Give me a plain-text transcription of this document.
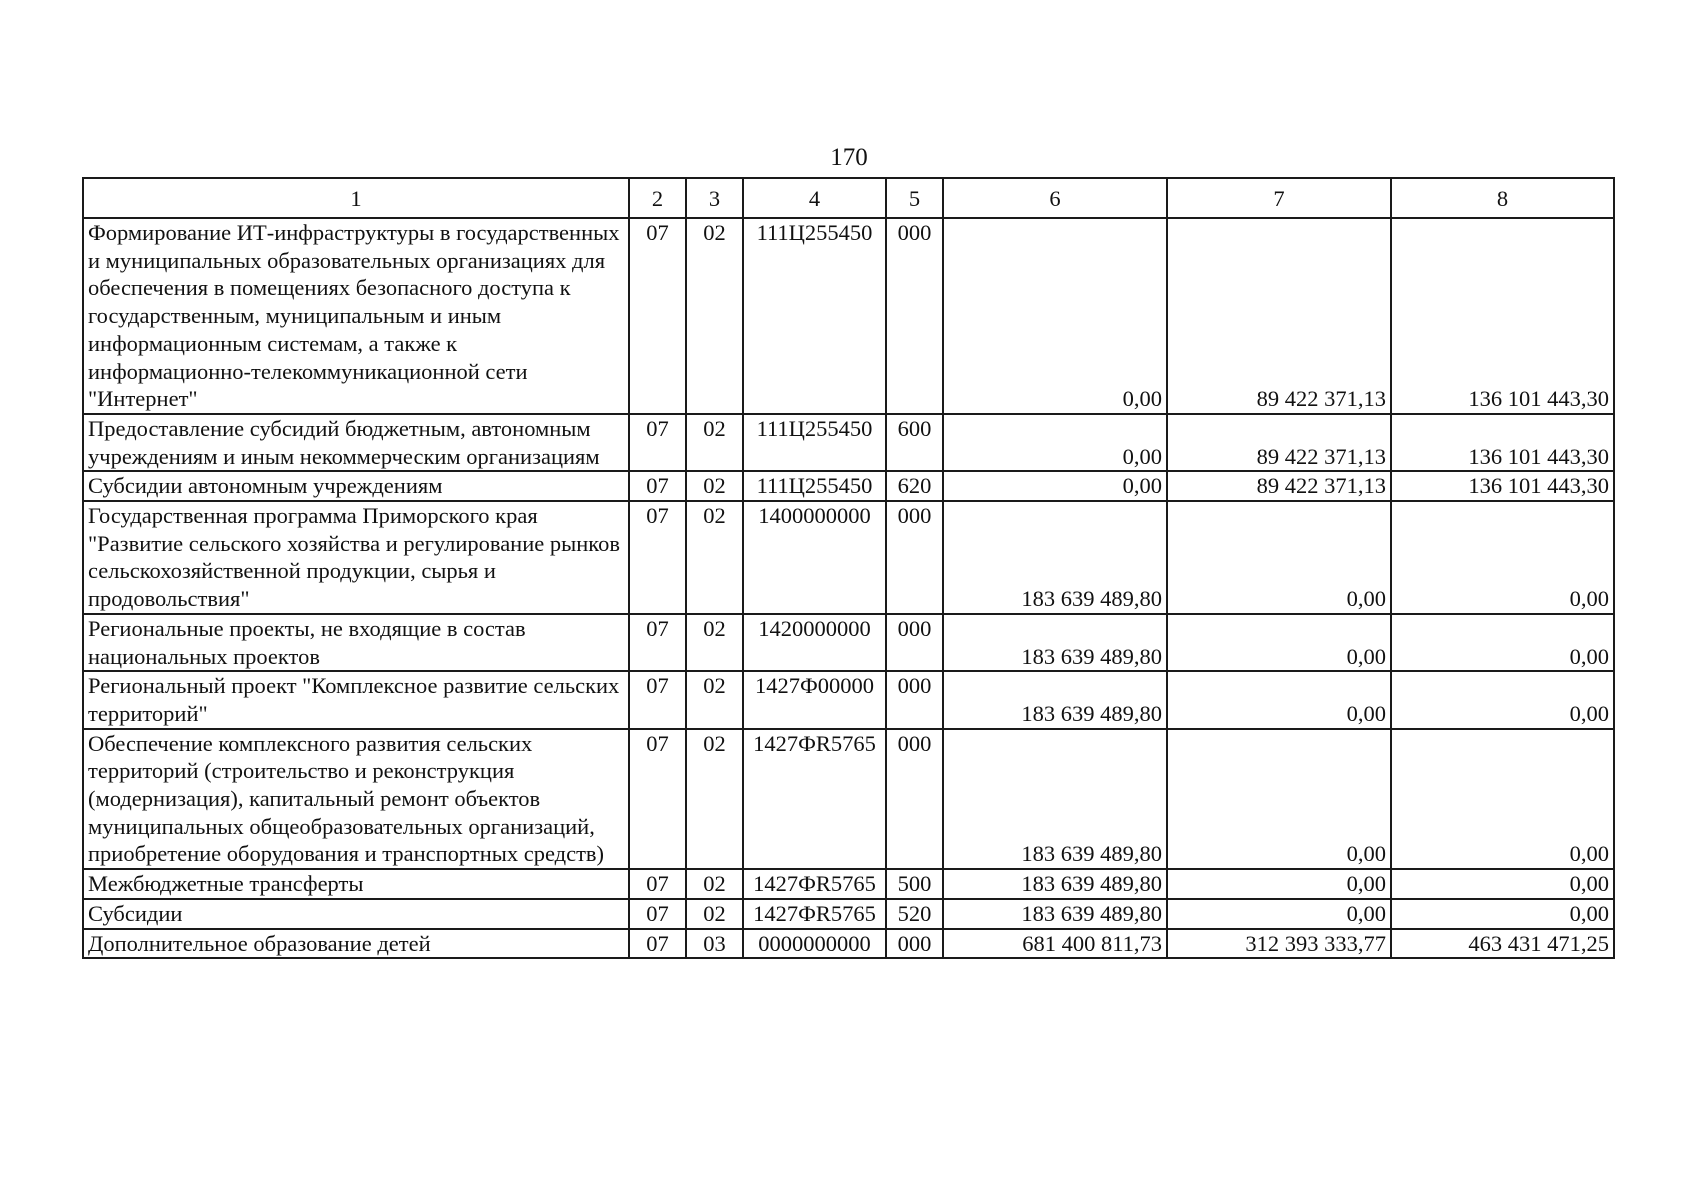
170
1	2	3	4	5	6	7	8
Формирование ИТ-инфраструктуры в государственных и муниципальных образовательных организациях для обеспечения в помещениях безопасного доступа к государственным, муниципальным и иным информационным системам, а также к информационно-телекоммуникационной сети "Интернет"	07	02	111Ц255450	000	0,00	89 422 371,13	136 101 443,30
Предоставление субсидий бюджетным, автономным учреждениям и иным некоммерческим организациям	07	02	111Ц255450	600	0,00	89 422 371,13	136 101 443,30
Субсидии автономным учреждениям	07	02	111Ц255450	620	0,00	89 422 371,13	136 101 443,30
Государственная программа Приморского края "Развитие сельского хозяйства и регулирование рынков сельскохозяйственной продукции, сырья и продовольствия"	07	02	1400000000	000	183 639 489,80	0,00	0,00
Региональные проекты, не входящие в состав национальных проектов	07	02	1420000000	000	183 639 489,80	0,00	0,00
Региональный проект "Комплексное развитие сельских территорий"	07	02	1427Ф00000	000	183 639 489,80	0,00	0,00
Обеспечение комплексного развития сельских территорий (строительство и реконструкция (модернизация), капитальный ремонт объектов муниципальных общеобразовательных организаций, приобретение оборудования и транспортных средств)	07	02	1427ФR5765	000	183 639 489,80	0,00	0,00
Межбюджетные трансферты	07	02	1427ФR5765	500	183 639 489,80	0,00	0,00
Субсидии	07	02	1427ФR5765	520	183 639 489,80	0,00	0,00
Дополнительное образование детей	07	03	0000000000	000	681 400 811,73	312 393 333,77	463 431 471,25
